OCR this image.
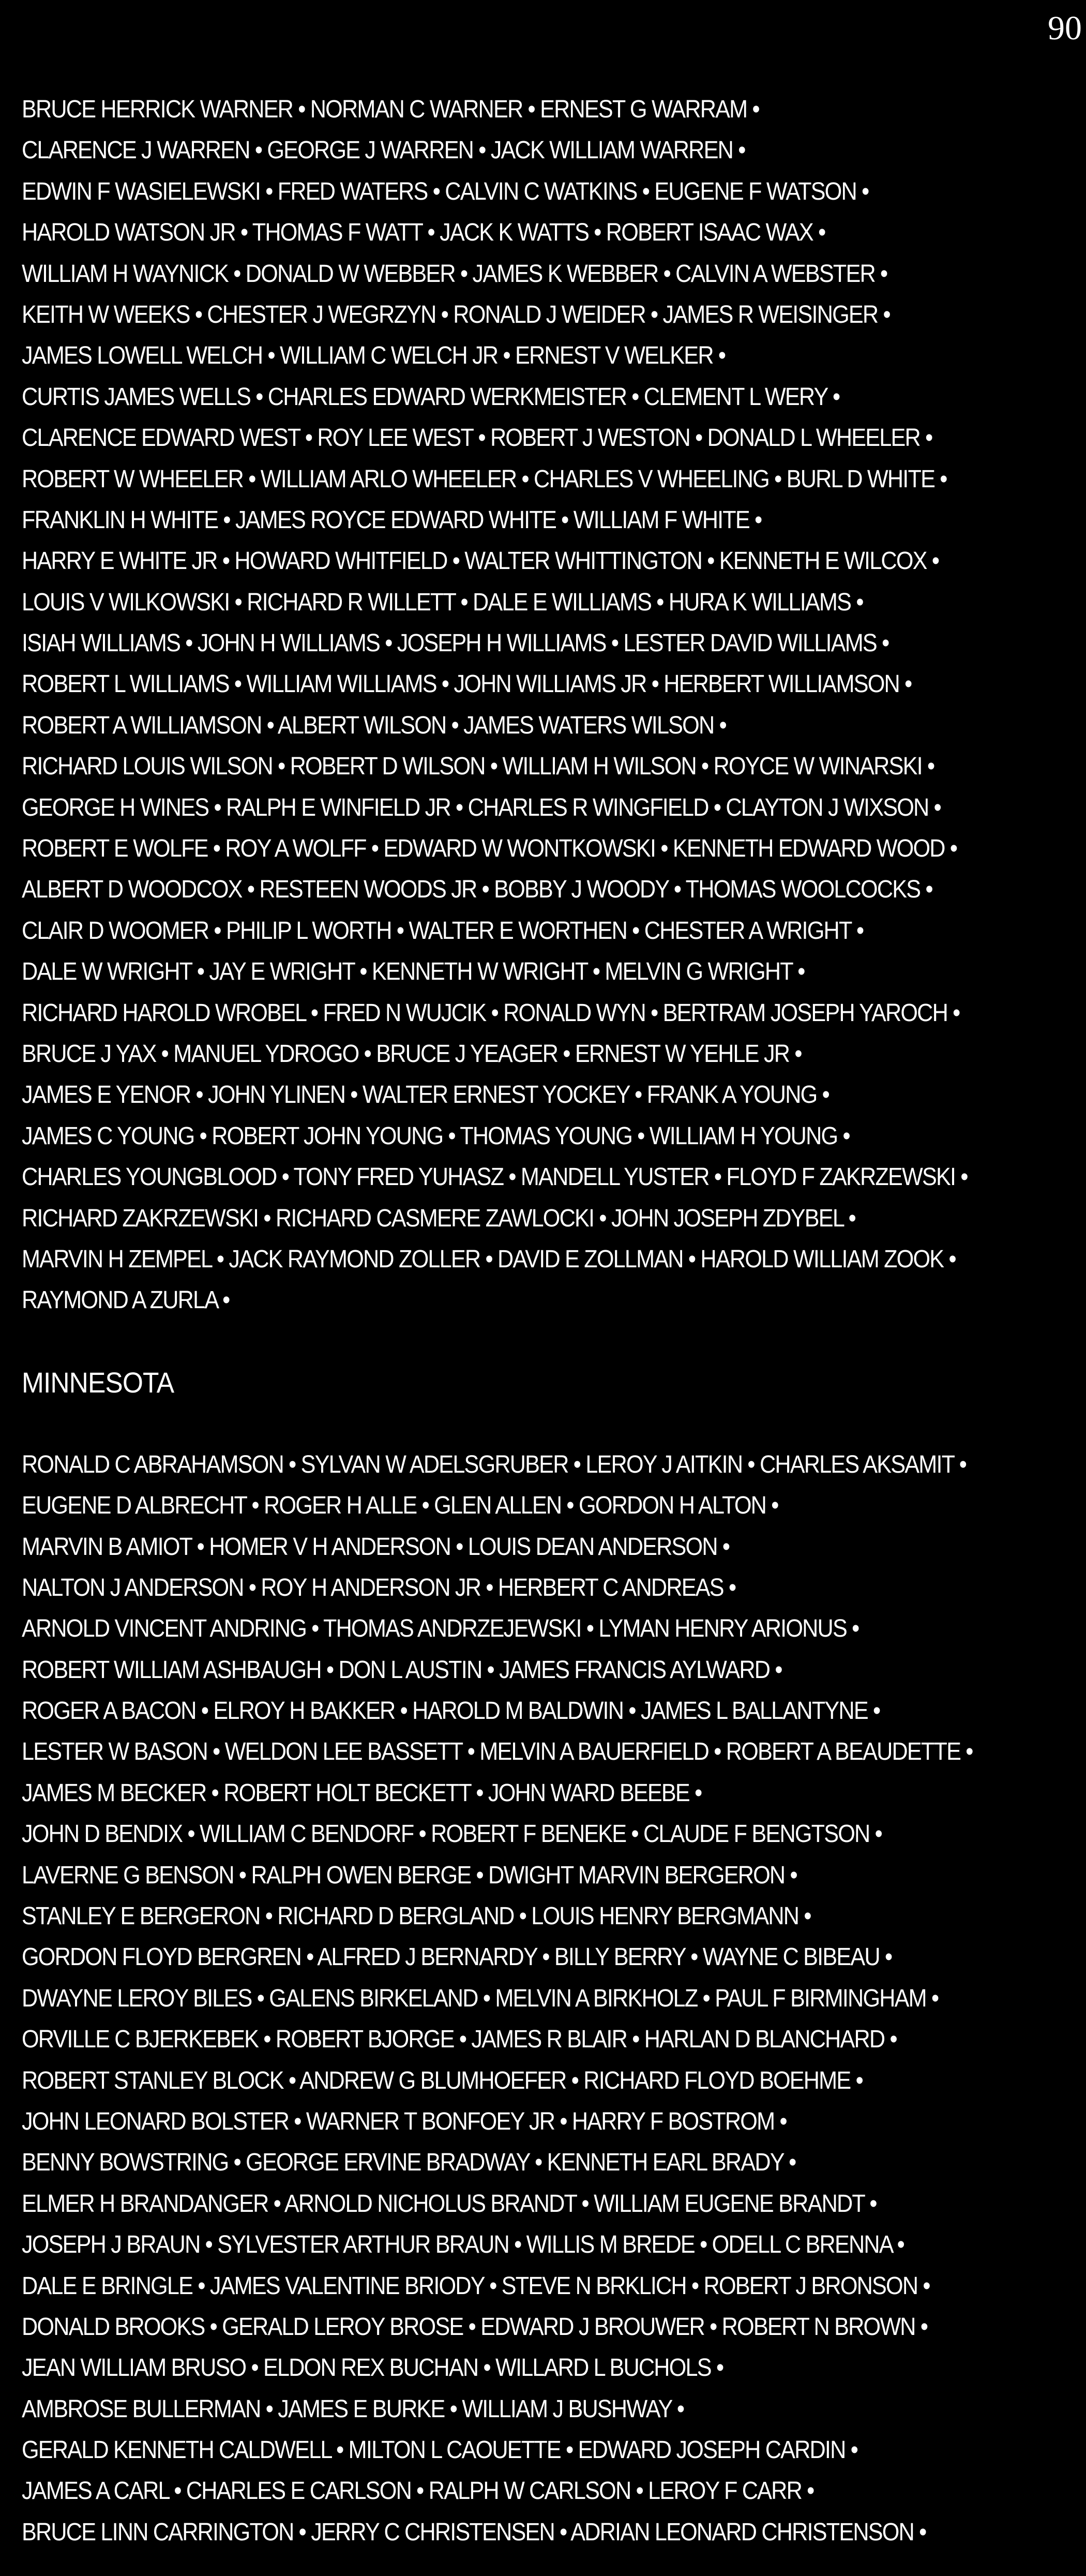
90
BRUCE HERRICK WARNER • NORMAN C WARNER • ERNEST G WARRAM •
CLARENCE J WARREN • GEORGE J WARREN • JACK WILLIAM WARREN •
EDWIN F WASIELEWSKI • FRED WATERS • CALVIN C WATKINS • EUGENE F WATSON •
HAROLD WATSON JR • THOMAS F WATT • JACK K WATTS • ROBERT ISAAC WAX •
WILLIAM H WAYNICK • DONALD W WEBBER • JAMES K WEBBER • CALVIN A WEBSTER •
KEITH W WEEKS • CHESTER J WEGRZYN • RONALD J WEIDER • JAMES R WEISINGER •
JAMES LOWELL WELCH • WILLIAM C WELCH JR • ERNEST V WELKER •
CURTIS JAMES WELLS • CHARLES EDWARD WERKMEISTER • CLEMENT L WERY •
CLARENCE EDWARD WEST • ROY LEE WEST • ROBERT J WESTON • DONALD L WHEELER •
ROBERT W WHEELER • WILLIAM ARLO WHEELER • CHARLES V WHEELING • BURL D WHITE •
FRANKLIN H WHITE • JAMES ROYCE EDWARD WHITE • WILLIAM F WHITE •
HARRY E WHITE JR • HOWARD WHITFIELD • WALTER WHITTINGTON • KENNETH E WILCOX •
LOUIS V WILKOWSKI • RICHARD R WILLETT • DALE E WILLIAMS • HURA K WILLIAMS •
ISIAH WILLIAMS • JOHN H WILLIAMS • JOSEPH H WILLIAMS • LESTER DAVID WILLIAMS •
ROBERT L WILLIAMS • WILLIAM WILLIAMS • JOHN WILLIAMS JR • HERBERT WILLIAMSON •
ROBERT A WILLIAMSON • ALBERT WILSON • JAMES WATERS WILSON •
RICHARD LOUIS WILSON • ROBERT D WILSON • WILLIAM H WILSON • ROYCE W WINARSKI •
GEORGE H WINES • RALPH E WINFIELD JR • CHARLES R WINGFIELD • CLAYTON J WIXSON •
ROBERT E WOLFE • ROY A WOLFF • EDWARD W WONTKOWSKI • KENNETH EDWARD WOOD •
ALBERT D WOODCOX • RESTEEN WOODS JR • BOBBY J WOODY • THOMAS WOOLCOCKS •
CLAIR D WOOMER • PHILIP L WORTH • WALTER E WORTHEN • CHESTER A WRIGHT •
DALE W WRIGHT • JAY E WRIGHT • KENNETH W WRIGHT • MELVIN G WRIGHT •
RICHARD HAROLD WROBEL • FRED N WUJCIK • RONALD WYN • BERTRAM JOSEPH YAROCH •
BRUCE J YAX • MANUEL YDROGO • BRUCE J YEAGER • ERNEST W YEHLE JR •
JAMES E YENOR • JOHN YLINEN • WALTER ERNEST YOCKEY • FRANK A YOUNG •
JAMES C YOUNG • ROBERT JOHN YOUNG • THOMAS YOUNG • WILLIAM H YOUNG •
CHARLES YOUNGBLOOD • TONY FRED YUHASZ • MANDELL YUSTER • FLOYD F ZAKRZEWSKI •
RICHARD ZAKRZEWSKI • RICHARD CASMERE ZAWLOCKI • JOHN JOSEPH ZDYBEL •
MARVIN H ZEMPEL • JACK RAYMOND ZOLLER • DAVID E ZOLLMAN • HAROLD WILLIAM ZOOK •
RAYMOND A ZURLA •
MINNESOTA
RONALD C ABRAHAMSON • SYLVAN W ADELSGRUBER • LEROY J AITKIN • CHARLES AKSAMIT •
EUGENE D ALBRECHT • ROGER H ALLE • GLEN ALLEN • GORDON H ALTON •
MARVIN B AMIOT • HOMER V H ANDERSON • LOUIS DEAN ANDERSON •
NALTON J ANDERSON • ROY H ANDERSON JR • HERBERT C ANDREAS •
ARNOLD VINCENT ANDRING • THOMAS ANDRZEJEWSKI • LYMAN HENRY ARIONUS •
ROBERT WILLIAM ASHBAUGH • DON L AUSTIN • JAMES FRANCIS AYLWARD •
ROGER A BACON • ELROY H BAKKER • HAROLD M BALDWIN • JAMES L BALLANTYNE •
LESTER W BASON • WELDON LEE BASSETT • MELVIN A BAUERFIELD • ROBERT A BEAUDETTE •
JAMES M BECKER • ROBERT HOLT BECKETT • JOHN WARD BEEBE •
JOHN D BENDIX • WILLIAM C BENDORF • ROBERT F BENEKE • CLAUDE F BENGTSON •
LAVERNE G BENSON • RALPH OWEN BERGE • DWIGHT MARVIN BERGERON •
STANLEY E BERGERON • RICHARD D BERGLAND • LOUIS HENRY BERGMANN •
GORDON FLOYD BERGREN • ALFRED J BERNARDY • BILLY BERRY • WAYNE C BIBEAU •
DWAYNE LEROY BILES • GALENS BIRKELAND • MELVIN A BIRKHOLZ • PAUL F BIRMINGHAM •
ORVILLE C BJERKEBEK • ROBERT BJORGE • JAMES R BLAIR • HARLAN D BLANCHARD •
ROBERT STANLEY BLOCK • ANDREW G BLUMHOEFER • RICHARD FLOYD BOEHME •
JOHN LEONARD BOLSTER • WARNER T BONFOEY JR • HARRY F BOSTROM •
BENNY BOWSTRING • GEORGE ERVINE BRADWAY • KENNETH EARL BRADY •
ELMER H BRANDANGER • ARNOLD NICHOLUS BRANDT • WILLIAM EUGENE BRANDT •
JOSEPH J BRAUN • SYLVESTER ARTHUR BRAUN • WILLIS M BREDE • ODELL C BRENNA •
DALE E BRINGLE • JAMES VALENTINE BRIODY • STEVE N BRKLICH • ROBERT J BRONSON •
DONALD BROOKS • GERALD LEROY BROSE • EDWARD J BROUWER • ROBERT N BROWN •
JEAN WILLIAM BRUSO • ELDON REX BUCHAN • WILLARD L BUCHOLS •
AMBROSE BULLERMAN • JAMES E BURKE • WILLIAM J BUSHWAY •
GERALD KENNETH CALDWELL • MILTON L CAOUETTE • EDWARD JOSEPH CARDIN •
JAMES A CARL • CHARLES E CARLSON • RALPH W CARLSON • LEROY F CARR •
BRUCE LINN CARRINGTON • JERRY C CHRISTENSEN • ADRIAN LEONARD CHRISTENSON •
